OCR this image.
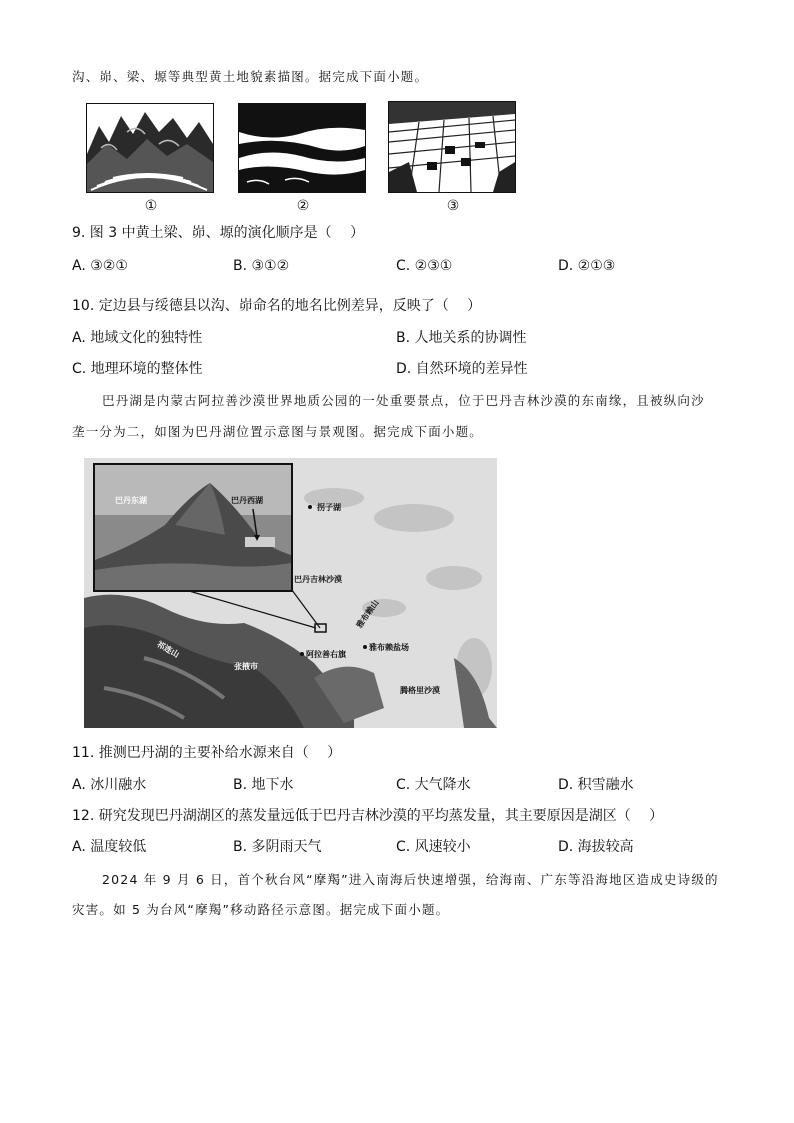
沟、峁、梁、塬等典型黄土地貌素描图。据完成下面小题。
①	②	③
9. 图 3 中黄土梁、峁、塬的演化顺序是（　 ）
A. ③②①	B. ③①②	C. ②③①	D. ②①③
10. 定边县与绥德县以沟、峁命名的地名比例差异，反映了（　 ）
A. 地域文化的独特性	B. 人地关系的协调性
C. 地理环境的整体性	D. 自然环境的差异性
巴丹湖是内蒙古阿拉善沙漠世界地质公园的一处重要景点，位于巴丹吉林沙漠的东南缘，且被纵向沙
垄一分为二，如图为巴丹湖位置示意图与景观图。据完成下面小题。
巴丹东湖	巴丹西湖
拐子湖
巴丹吉林沙漠
雅布赖山
阿拉善右旗
雅布赖盐场
张掖市
祁连山
腾格里沙漠
11. 推测巴丹湖的主要补给水源来自（　 ）
A. 冰川融水	B. 地下水	C. 大气降水	D. 积雪融水
12. 研究发现巴丹湖湖区的蒸发量远低于巴丹吉林沙漠的平均蒸发量，其主要原因是湖区（　 ）
A. 温度较低	B. 多阴雨天气	C. 风速较小	D. 海拔较高
2024 年 9 月 6 日，首个秋台风“摩羯”进入南海后快速增强，给海南、广东等沿海地区造成史诗级的
灾害。如 5 为台风“摩羯”移动路径示意图。据完成下面小题。
